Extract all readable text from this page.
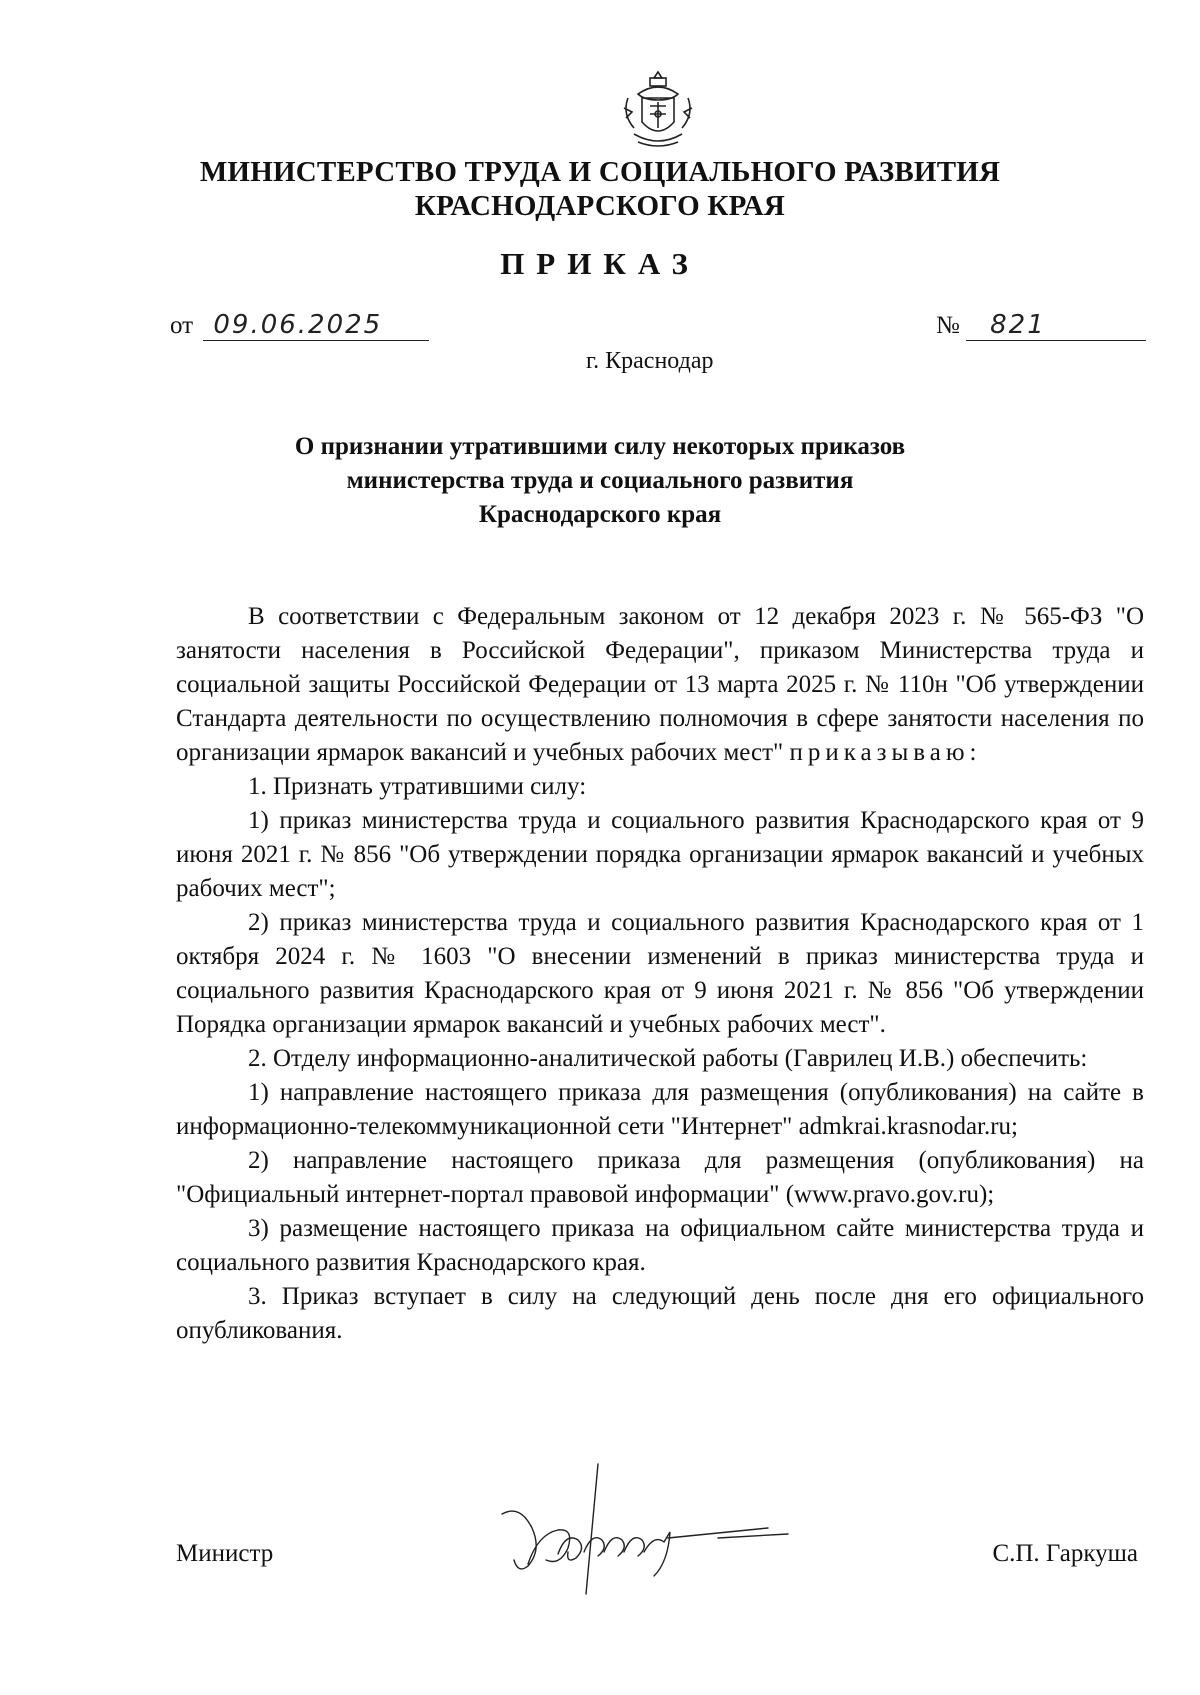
МИНИСТЕРСТВО ТРУДА И СОЦИАЛЬНОГО РАЗВИТИЯ
КРАСНОДАРСКОГО КРАЯ
ПРИКАЗ
от 09.06.2025	№ 821
г. Краснодар
О признании утратившими силу некоторых приказов
министерства труда и социального развития
Краснодарского края

В соответствии с Федеральным законом от 12 декабря 2023 г. № 565-ФЗ "О занятости населения в Российской Федерации", приказом Министерства труда и социальной защиты Российской Федерации от 13 марта 2025 г. № 110н "Об утверждении Стандарта деятельности по осуществлению полномочия в сфере занятости населения по организации ярмарок вакансий и учебных рабочих мест" приказываю:

1. Признать утратившими силу:

1) приказ министерства труда и социального развития Краснодарского края от 9 июня 2021 г. № 856 "Об утверждении порядка организации ярмарок вакансий и учебных рабочих мест";

2) приказ министерства труда и социального развития Краснодарского края от 1 октября 2024 г. № 1603 "О внесении изменений в приказ министерства труда и социального развития Краснодарского края от 9 июня 2021 г. № 856 "Об утверждении Порядка организации ярмарок вакансий и учебных рабочих мест".

2. Отделу информационно-аналитической работы (Гаврилец И.В.) обеспечить:

1) направление настоящего приказа для размещения (опубликования) на сайте в информационно-телекоммуникационной сети "Интернет" admkrai.krasnodar.ru;

2) направление настоящего приказа для размещения (опубликования) на "Официальный интернет-портал правовой информации" (www.pravo.gov.ru);

3) размещение настоящего приказа на официальном сайте министерства труда и социального развития Краснодарского края.

3. Приказ вступает в силу на следующий день после дня его официального опубликования.

Министр	С.П. Гаркуша
